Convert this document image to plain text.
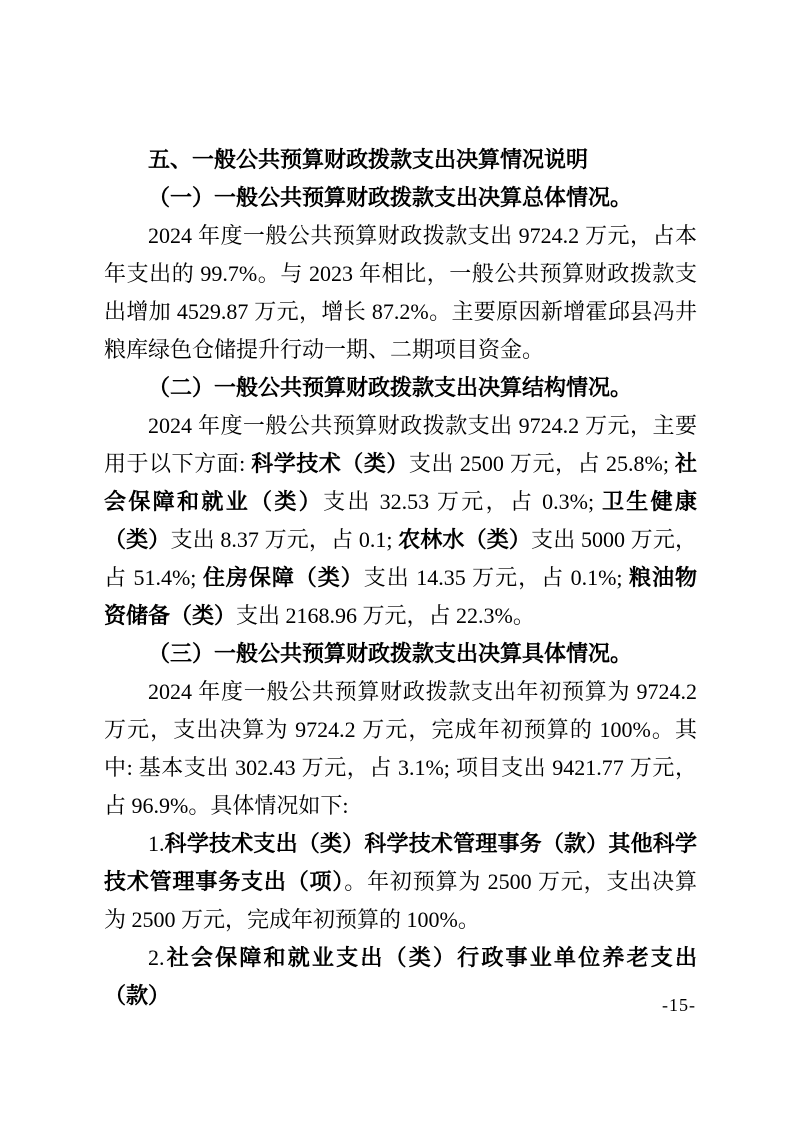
五、一般公共预算财政拨款支出决算情况说明

（一）一般公共预算财政拨款支出决算总体情况。

2024 年度一般公共预算财政拨款支出 9724.2 万元，占本年支出的 99.7%。与 2023 年相比，一般公共预算财政拨款支出增加 4529.87 万元，增长 87.2%。主要原因新增霍邱县冯井粮库绿色仓储提升行动一期、二期项目资金。

（二）一般公共预算财政拨款支出决算结构情况。

2024 年度一般公共预算财政拨款支出 9724.2 万元，主要用于以下方面: 科学技术（类）支出 2500 万元，占 25.8%; 社会保障和就业（类）支出 32.53 万元，占 0.3%; 卫生健康（类）支出 8.37 万元，占 0.1; 农林水（类）支出 5000 万元，占 51.4%; 住房保障（类）支出 14.35 万元，占 0.1%; 粮油物资储备（类）支出 2168.96 万元，占 22.3%。

（三）一般公共预算财政拨款支出决算具体情况。

2024 年度一般公共预算财政拨款支出年初预算为 9724.2 万元，支出决算为 9724.2 万元，完成年初预算的 100%。其中: 基本支出 302.43 万元，占 3.1%; 项目支出 9421.77 万元，占 96.9%。具体情况如下:

1.科学技术支出（类）科学技术管理事务（款）其他科学技术管理事务支出（项）。年初预算为 2500 万元，支出决算为 2500 万元，完成年初预算的 100%。

2.社会保障和就业支出（类）行政事业单位养老支出（款）	-15-
